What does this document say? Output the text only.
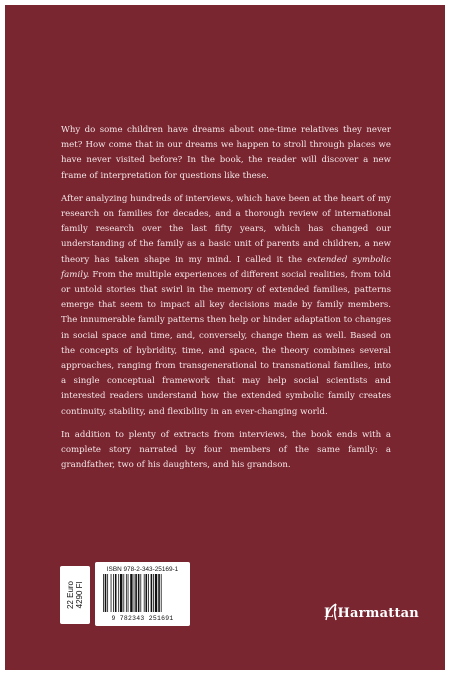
Why do some children have dreams about one-time relatives they never met? How come that in our dreams we happen to stroll through places we have never visited before? In the book, the reader will discover a new frame of interpretation for questions like these.

After analyzing hundreds of interviews, which have been at the heart of my research on families for decades, and a thorough review of international family research over the last fifty years, which has changed our understanding of the family as a basic unit of parents and children, a new theory has taken shape in my mind. I called it the extended symbolic family. From the multiple experiences of different social realities, from told or untold stories that swirl in the memory of extended families, patterns emerge that seem to impact all key decisions made by family members. The innumerable family patterns then help or hinder adaptation to changes in social space and time, and, conversely, change them as well. Based on the concepts of hybridity, time, and space, the theory combines several approaches, ranging from transgenerational to transnational families, into a single conceptual framework that may help social scientists and interested readers understand how the extended symbolic family creates continuity, stability, and flexibility in an ever-changing world.

In addition to plenty of extracts from interviews, the book ends with a complete story narrated by four members of the same family: a grandfather, two of his daughters, and his grandson.

22 Euro 4290 Fl
ISBN 978-2-343-25169-1
9 782343 251691	L'Harmattan
